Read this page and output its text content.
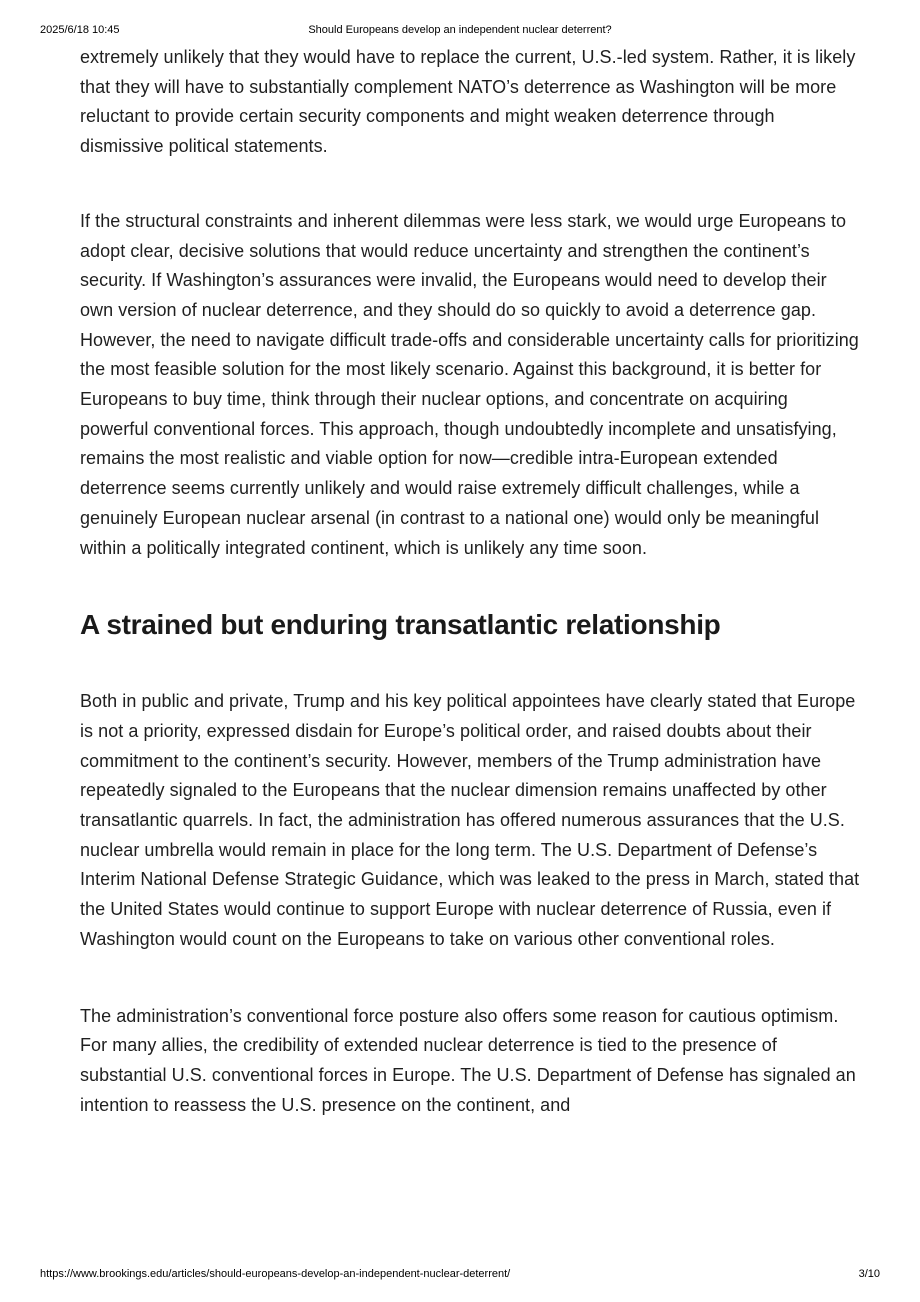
2025/6/18 10:45	Should Europeans develop an independent nuclear deterrent?

extremely unlikely that they would have to replace the current, U.S.-led system. Rather, it is likely that they will have to substantially complement NATO’s deterrence as Washington will be more reluctant to provide certain security components and might weaken deterrence through dismissive political statements.

If the structural constraints and inherent dilemmas were less stark, we would urge Europeans to adopt clear, decisive solutions that would reduce uncertainty and strengthen the continent’s security. If Washington’s assurances were invalid, the Europeans would need to develop their own version of nuclear deterrence, and they should do so quickly to avoid a deterrence gap. However, the need to navigate difficult trade-offs and considerable uncertainty calls for prioritizing the most feasible solution for the most likely scenario. Against this background, it is better for Europeans to buy time, think through their nuclear options, and concentrate on acquiring powerful conventional forces. This approach, though undoubtedly incomplete and unsatisfying, remains the most realistic and viable option for now—credible intra-European extended deterrence seems currently unlikely and would raise extremely difficult challenges, while a genuinely European nuclear arsenal (in contrast to a national one) would only be meaningful within a politically integrated continent, which is unlikely any time soon.

A strained but enduring transatlantic relationship

Both in public and private, Trump and his key political appointees have clearly stated that Europe is not a priority, expressed disdain for Europe’s political order, and raised doubts about their commitment to the continent’s security. However, members of the Trump administration have repeatedly signaled to the Europeans that the nuclear dimension remains unaffected by other transatlantic quarrels. In fact, the administration has offered numerous assurances that the U.S. nuclear umbrella would remain in place for the long term. The U.S. Department of Defense’s Interim National Defense Strategic Guidance, which was leaked to the press in March, stated that the United States would continue to support Europe with nuclear deterrence of Russia, even if Washington would count on the Europeans to take on various other conventional roles.

The administration’s conventional force posture also offers some reason for cautious optimism. For many allies, the credibility of extended nuclear deterrence is tied to the presence of substantial U.S. conventional forces in Europe. The U.S. Department of Defense has signaled an intention to reassess the U.S. presence on the continent, and

https://www.brookings.edu/articles/should-europeans-develop-an-independent-nuclear-deterrent/	3/10
